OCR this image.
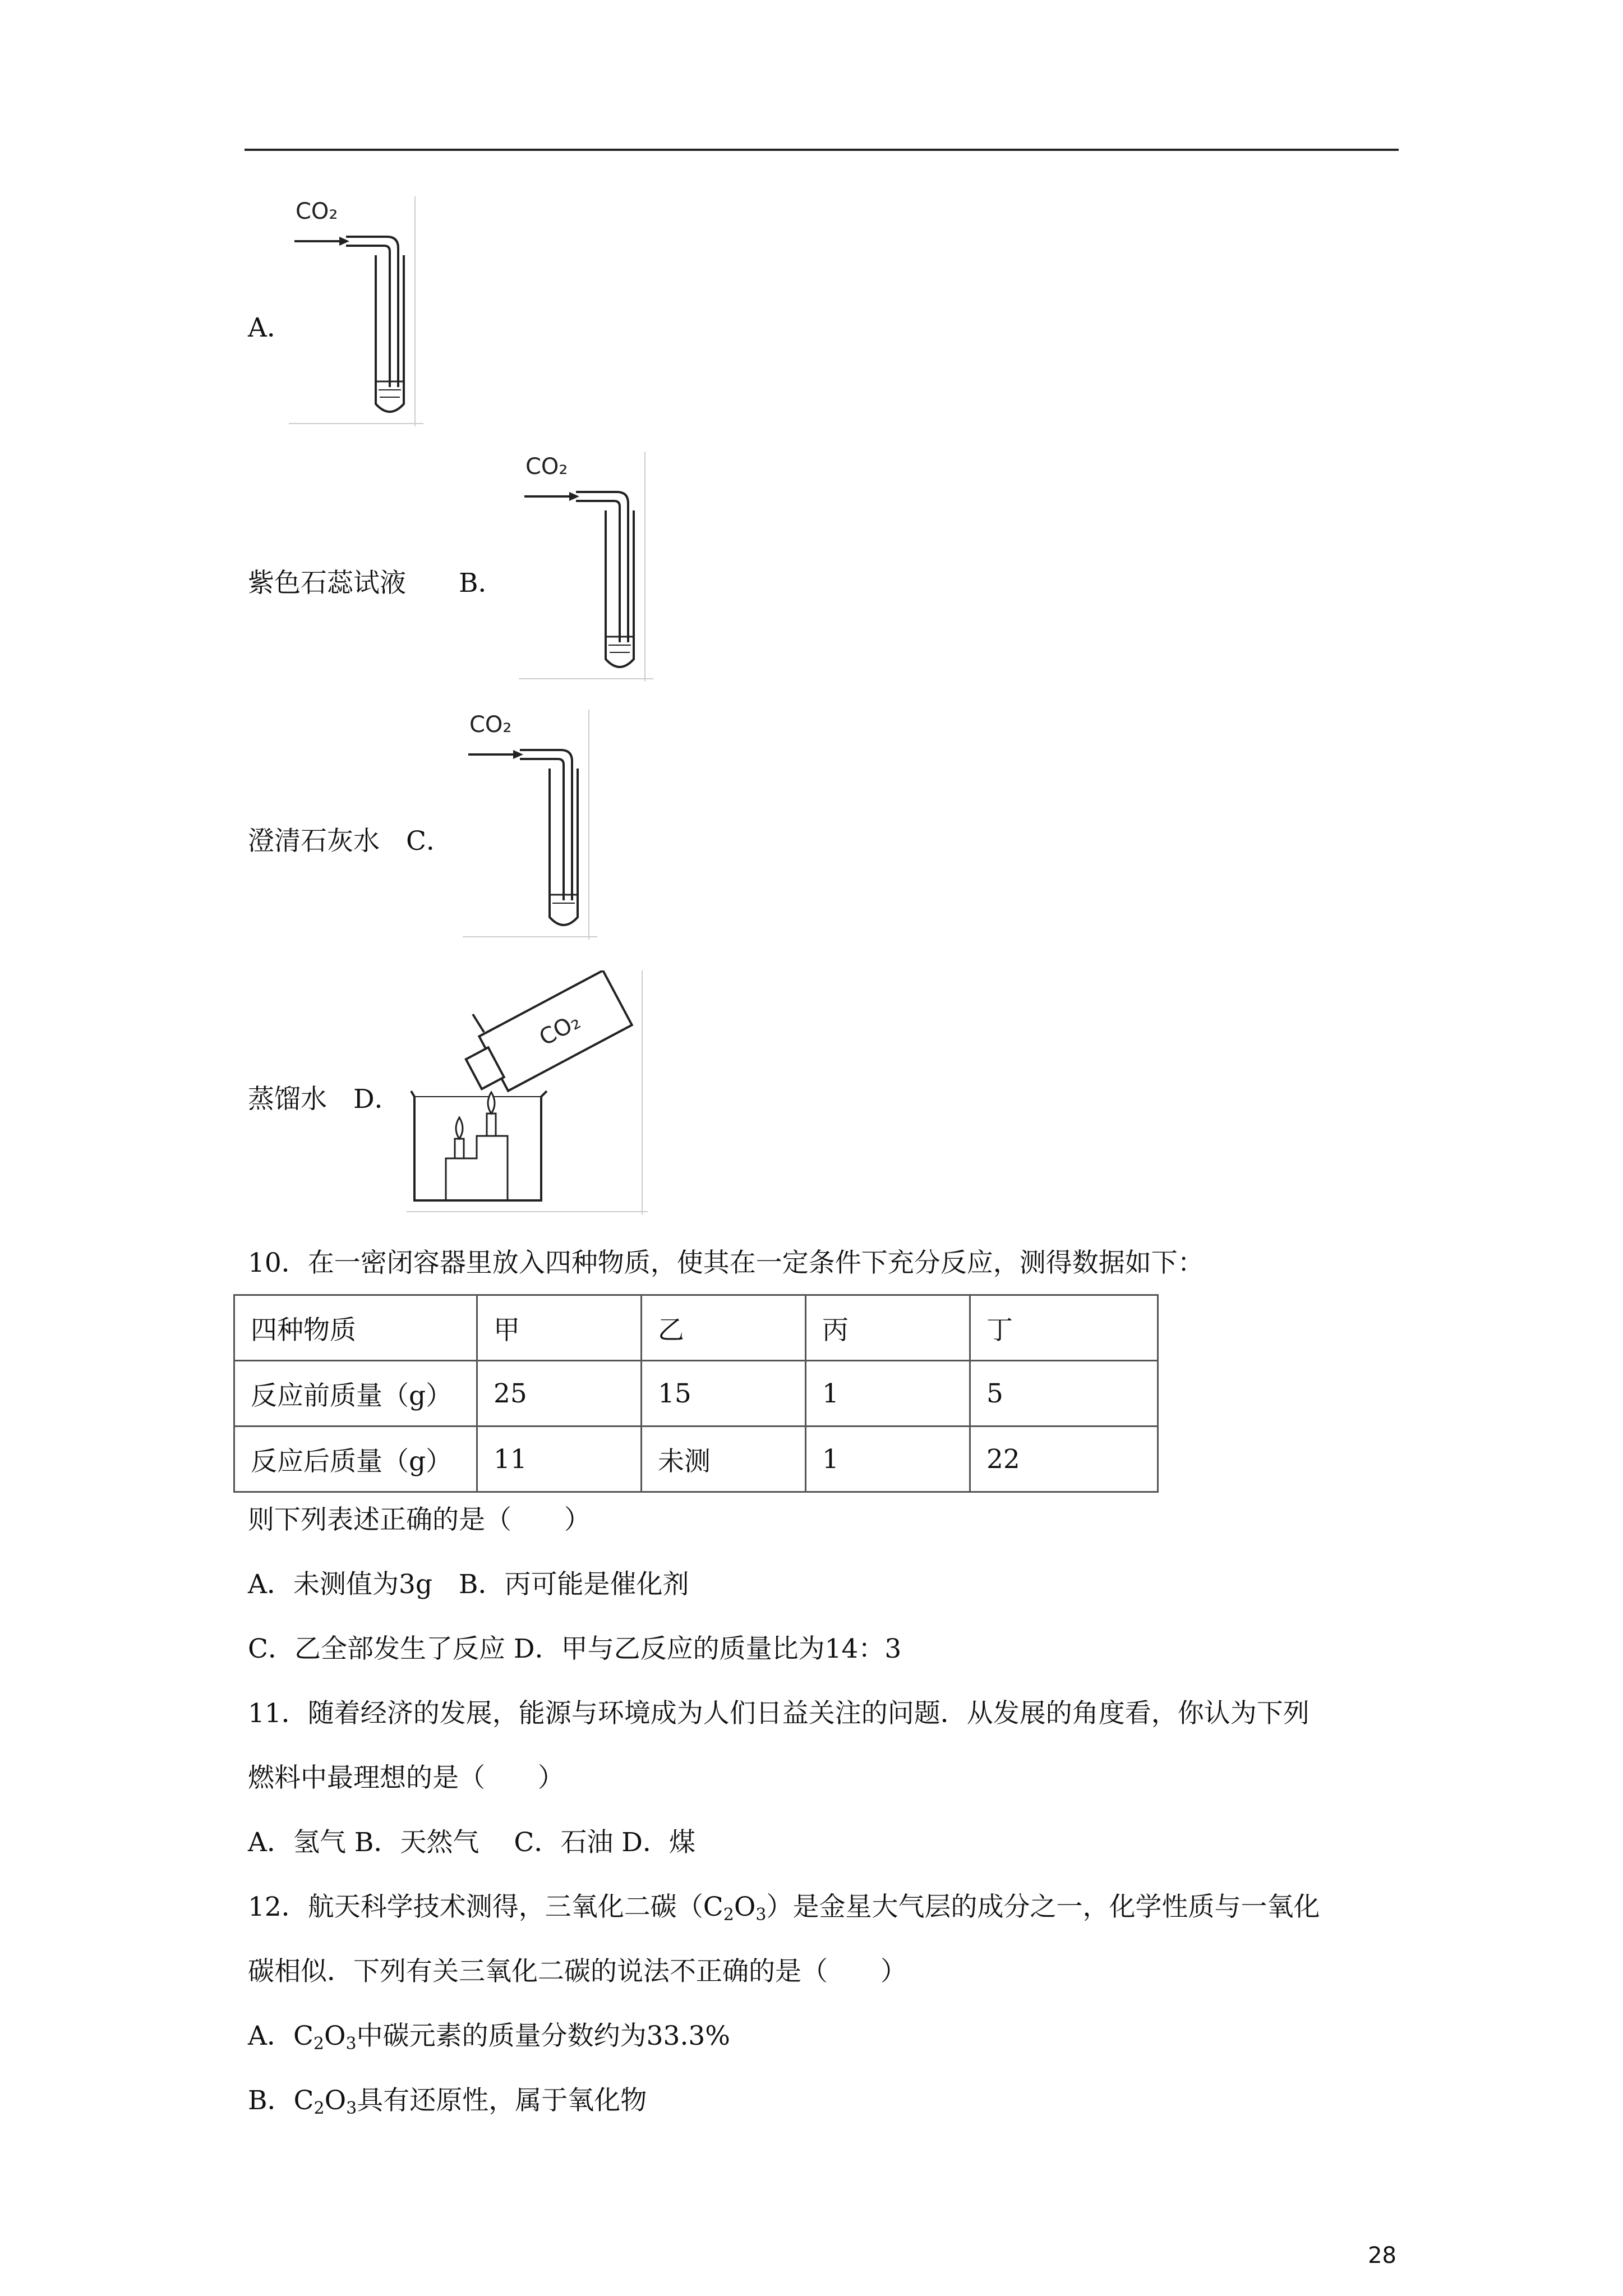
A．
CO₂
紫色石蕊试液　　 B．
CO₂
澄清石灰水　 C．
CO₂
蒸馏水　 D．
CO₂
10．在一密闭容器里放入四种物质，使其在一定条件下充分反应，测得数据如下：
四种物质	甲	乙	丙	丁
反应前质量（g）	25	15	1	5
反应后质量（g）	11	未测	1	22
则下列表述正确的是（　　）
A．未测值为3g　B．丙可能是催化剂
C．乙全部发生了反应 D．甲与乙反应的质量比为14：3
11．随着经济的发展，能源与环境成为人们日益关注的问题．从发展的角度看，你认为下列
燃料中最理想的是（　　）
A．氢气 B．天然气　 C．石油 D．煤
12．航天科学技术测得，三氧化二碳$(C_2O_3)$是金星大气层的成分之一，化学性质与一氧化
碳相似．下列有关三氧化二碳的说法不正确的是（　　）
A．$C_2O_3$中碳元素的质量分数约为33.3%
B．$C_2O_3$具有还原性，属于氧化物
28
